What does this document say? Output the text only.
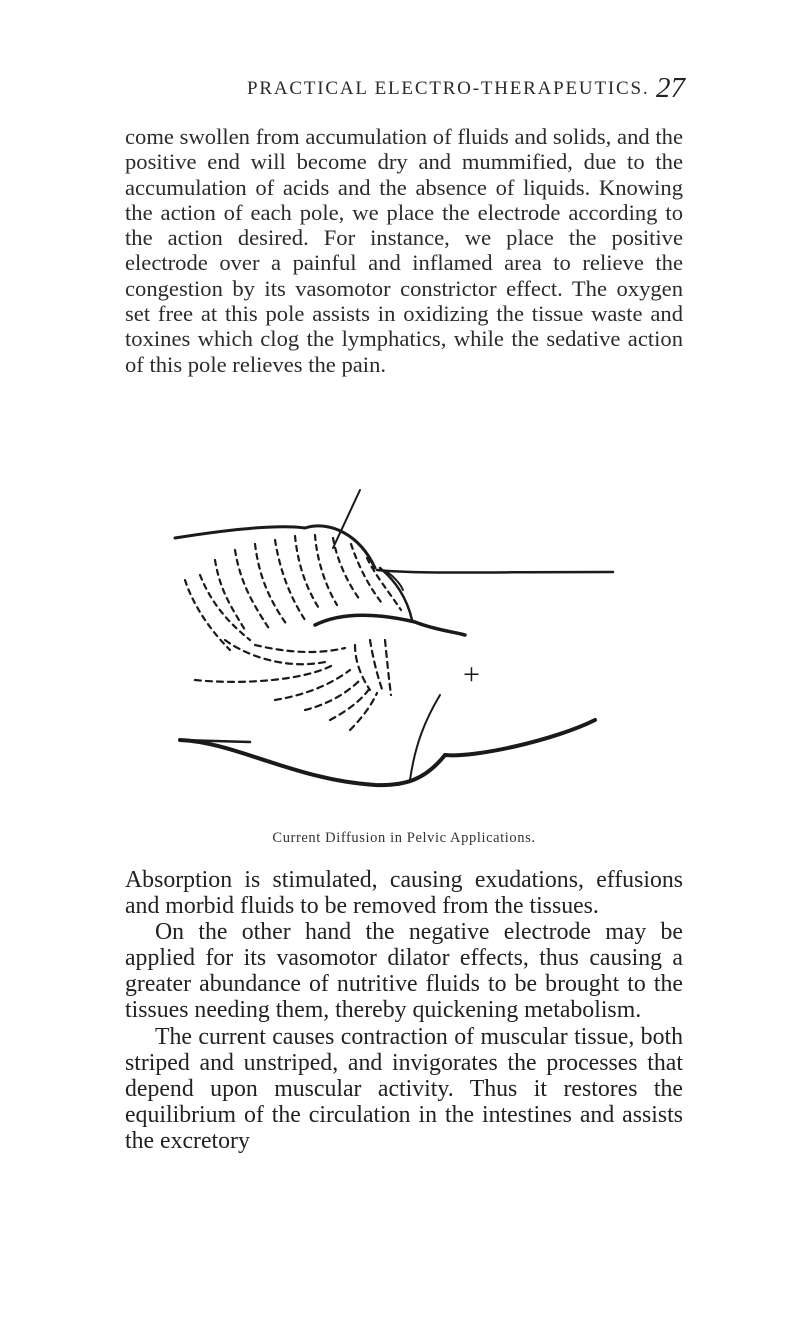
PRACTICAL ELECTRO-THERAPEUTICS. 27

come swollen from accumulation of fluids and solids, and the positive end will become dry and mummified, due to the accumulation of acids and the absence of liquids. Knowing the action of each pole, we place the electrode according to the action desired. For instance, we place the positive electrode over a painful and inflamed area to relieve the congestion by its vasomotor constrictor effect. The oxygen set free at this pole assists in oxidizing the tissue waste and toxines which clog the lymphatics, while the sedative action of this pole relieves the pain.

+
Current Diffusion in Pelvic Applications.

Absorption is stimulated, causing exudations, effusions and morbid fluids to be removed from the tissues.

On the other hand the negative electrode may be applied for its vasomotor dilator effects, thus causing a greater abundance of nutritive fluids to be brought to the tissues needing them, thereby quickening metabolism.

The current causes contraction of muscular tissue, both striped and unstriped, and invigorates the processes that depend upon muscular activity. Thus it restores the equilibrium of the circulation in the intestines and assists the excretory
